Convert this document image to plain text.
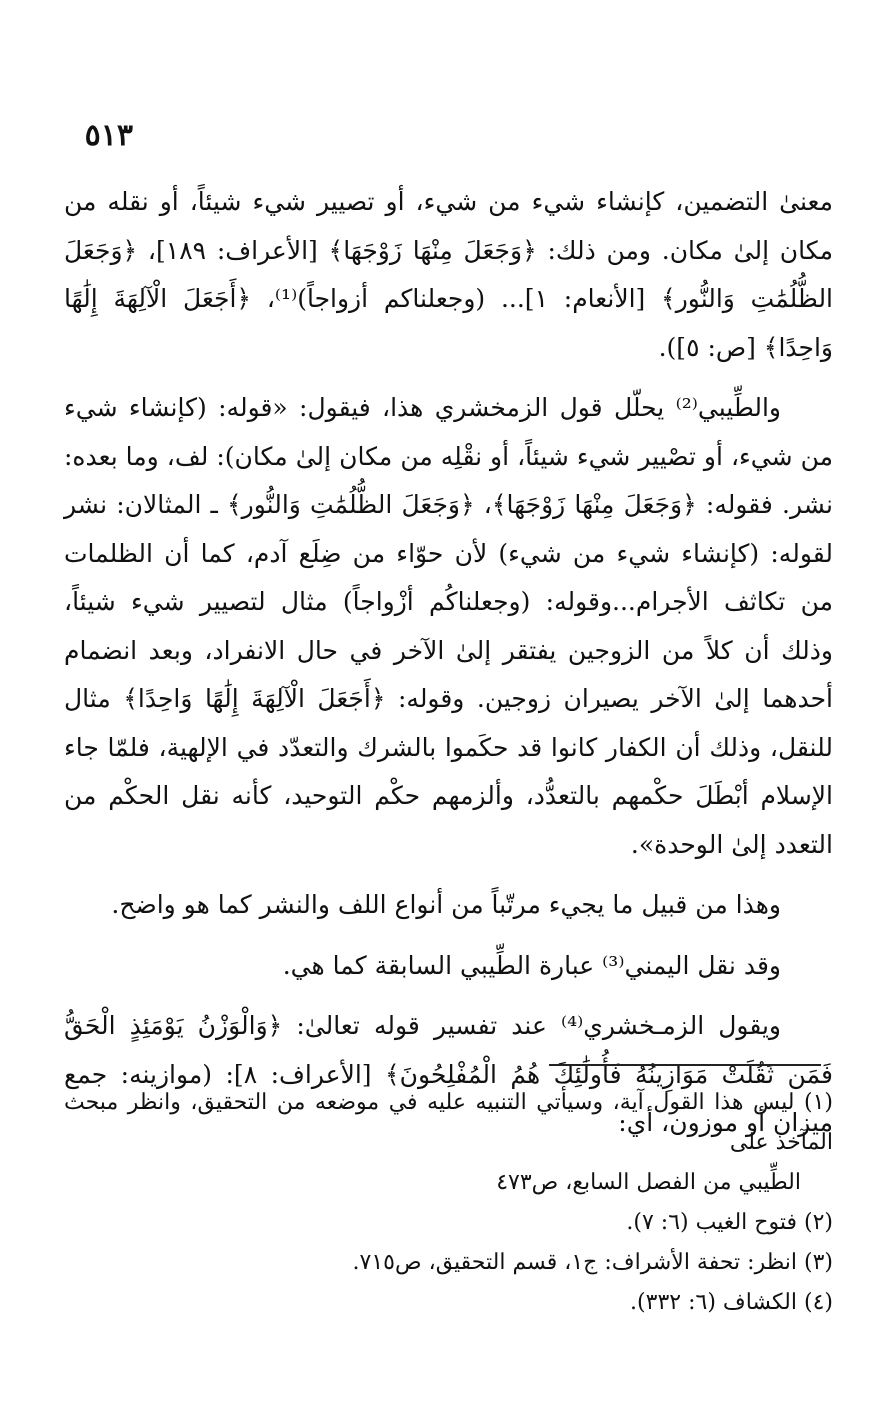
٥١٣

معنىٰ التضمين، كإنشاء شيء من شيء، أو تصيير شيء شيئاً، أو نقله من مكان إلىٰ مكان. ومن ذلك: ﴿وَجَعَلَ مِنْهَا زَوْجَهَا﴾ [الأعراف: ١٨٩]، ﴿وَجَعَلَ الظُّلُمَٰتِ وَالنُّور﴾ [الأنعام: ١]... (وجعلناكم أزواجاً)⁽¹⁾، ﴿أَجَعَلَ الْآلِهَةَ إِلَٰهًا وَاحِدًا﴾ [ص: ٥]).

والطِّيبي⁽²⁾ يحلّل قول الزمخشري هذا، فيقول: «قوله: (كإنشاء شيء من شيء، أو تصْيير شيء شيئاً، أو نقْلِه من مكان إلىٰ مكان): لف، وما بعده: نشر. فقوله: ﴿وَجَعَلَ مِنْهَا زَوْجَهَا﴾، ﴿وَجَعَلَ الظُّلُمَٰتِ وَالنُّور﴾ ـ المثالان: نشر لقوله: (كإنشاء شيء من شيء) لأن حوّاء من ضِلَع آدم، كما أن الظلمات من تكاثف الأجرام...وقوله: (وجعلناكُم أزْواجاً) مثال لتصيير شيء شيئاً، وذلك أن كلاً من الزوجين يفتقر إلىٰ الآخر في حال الانفراد، وبعد انضمام أحدهما إلىٰ الآخر يصيران زوجين. وقوله: ﴿أَجَعَلَ الْآلِهَةَ إِلَٰهًا وَاحِدًا﴾ مثال للنقل، وذلك أن الكفار كانوا قد حكَموا بالشرك والتعدّد في الإلهية، فلمّا جاء الإسلام أبْطَلَ حكْمهم بالتعدُّد، وألزمهم حكْم التوحيد، كأنه نقل الحكْم من التعدد إلىٰ الوحدة».

وهذا من قبيل ما يجيء مرتّباً من أنواع اللف والنشر كما هو واضح.

وقد نقل اليمني⁽³⁾ عبارة الطِّيبي السابقة كما هي.

ويقول الزمـخشري⁽⁴⁾ عند تفسير قوله تعالىٰ: ﴿وَالْوَزْنُ يَوْمَئِذٍ الْحَقُّ فَمَن ثَقُلَتْ مَوَازِينُهُ فَأُولَٰئِكَ هُمُ الْمُفْلِحُونَ﴾ [الأعراف: ٨]: (موازينه: جمع ميزان أو موزون، أي:

(١) ليس هذا القول آية، وسيأتي التنبيه عليه في موضعه من التحقيق، وانظر مبحث المآخذ على

الطِّيبي من الفصل السابع، ص٤٧٣

(٢) فتوح الغيب (٦: ٧).

(٣) انظر: تحفة الأشراف: ج١، قسم التحقيق، ص٧١٥.

(٤) الكشاف (٦: ٣٣٢).
